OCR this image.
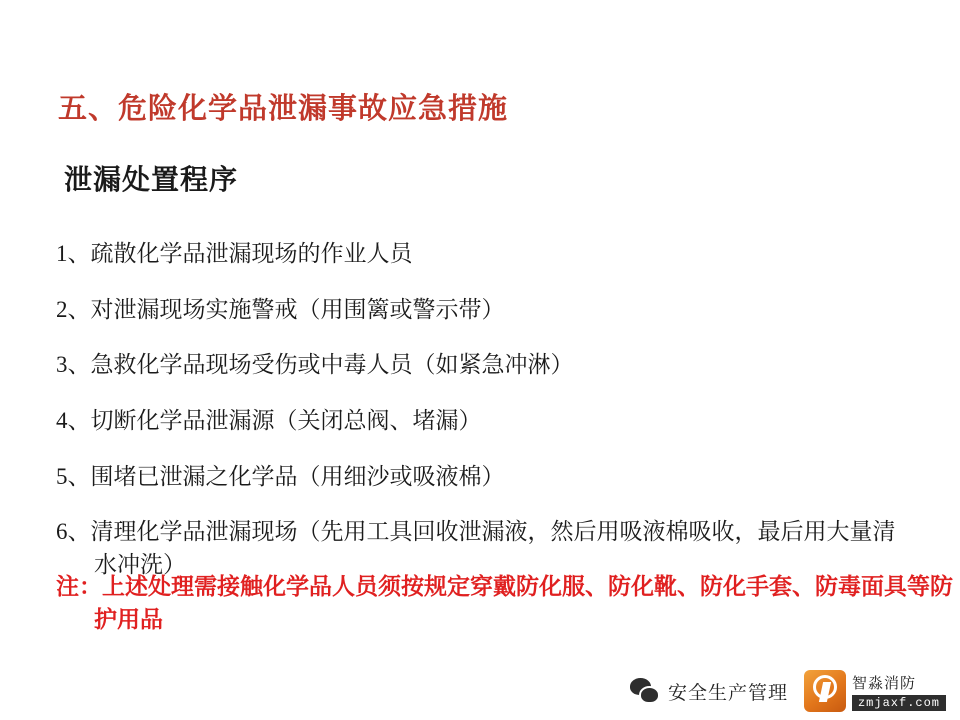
五、危险化学品泄漏事故应急措施
泄漏处置程序
1、疏散化学品泄漏现场的作业人员
2、对泄漏现场实施警戒（用围篱或警示带）
3、急救化学品现场受伤或中毒人员（如紧急冲淋）
4、切断化学品泄漏源（关闭总阀、堵漏）
5、围堵已泄漏之化学品（用细沙或吸液棉）
6、清理化学品泄漏现场（先用工具回收泄漏液，然后用吸液棉吸收，最后用大量清水冲洗）
注：上述处理需接触化学品人员须按规定穿戴防化服、防化靴、防化手套、防毒面具等防护用品
安全生产管理	智淼消防
zmjaxf.com
